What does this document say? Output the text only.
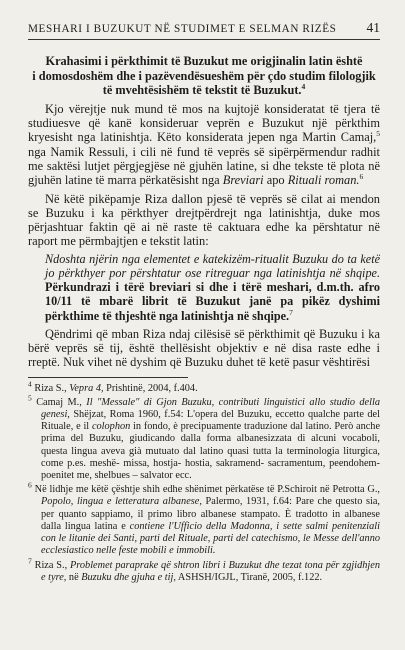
MESHARI I BUZUKUT NË STUDIMET E SELMAN RIZËS 41
Krahasimi i përkthimit të Buzukut me origjinalin latin është
i domosdoshëm dhe i pazëvendësueshëm për çdo studim filologjik
të mvehtësishëm të tekstit të Buzukut.$^4$

Kjo vërejtje nuk mund të mos na kujtojë konsideratat të tjera të studiuesve që kanë konsideruar veprën e Buzukut një përkthim kryesisht nga latinishtja. Këto konsiderata jepen nga Martin Camaj,$^5$ nga Namik Ressuli, i cili në fund të veprës së sipërpërmendur radhit me saktësi lutjet përgjegjëse në gjuhën latine, si dhe tekste të plota në gjuhën latine të marra përkatësisht nga Breviari apo Rituali roman.$^6$

Në këtë pikëpamje Riza dallon pjesë të veprës së cilat ai mendon se Buzuku i ka përkthyer drejtpërdrejt nga latinishtja, duke mos përjashtuar faktin që ai në raste të caktuara edhe ka përshtatur në raport me përmbajtjen e tekstit latin:

Ndoshta njërin nga elementet e katekizëm-ritualit Buzuku do ta ketë jo përkthyer por përshtatur ose ritreguar nga latinishtja në shqipe. Përkundrazi i tërë breviari si dhe i tërë meshari, d.m.th. afro 10/11 të mbarë librit të Buzukut janë pa pikëz dyshimi përkthime të thjeshtë nga latinishtja në shqipe.$^7$

Qëndrimi që mban Riza ndaj cilësisë së përkthimit që Buzuku i ka bërë veprës së tij, është thellësisht objektiv e në disa raste edhe i rreptë. Nuk vihet në dyshim që Buzuku duhet të ketë pasur vështirësi

$^4$ Riza S., Vepra 4, Prishtinë, 2004, f.404.

$^5$ Camaj M., Il "Messale" di Gjon Buzuku, contributi linguistici allo studio della genesi, Shëjzat, Roma 1960, f.54: L'opera del Buzuku, eccetto qualche parte del Rituale, e il colophon in fondo, è precipuamente traduzione dal latino. Però anche prima del Buzuku, giudicando dalla forma albanesizzata di alcuni vocaboli, questa lingua aveva già mutuato dal latino quasi tutta la terminologia liturgica, come p.es. meshë- missa, hostja- hostia, sakramend- sacramentum, peendohem- poenitet me, shelbues – salvator ecc.

$^6$ Në lidhje me këtë çështje shih edhe shënimet përkatëse të P.Schiroit në Petrotta G., Popolo, lingua e letteratura albanese, Palermo, 1931, f.64: Pare che questo sia, per quanto sappiamo, il primo libro albanese stampato. È tradotto in albanese dalla lingua latina e contiene l'Ufficio della Madonna, i sette salmi penitenziali con le litanie dei Santi, parti del Rituale, parti del catechismo, le Messe dell'anno ecclesiastico nelle feste mobili e immobili.

$^7$ Riza S., Problemet paraprake që shtron libri i Buzukut dhe tezat tona për zgjidhjen e tyre, në Buzuku dhe gjuha e tij, ASHSH/IGJL, Tiranë, 2005, f.122.
